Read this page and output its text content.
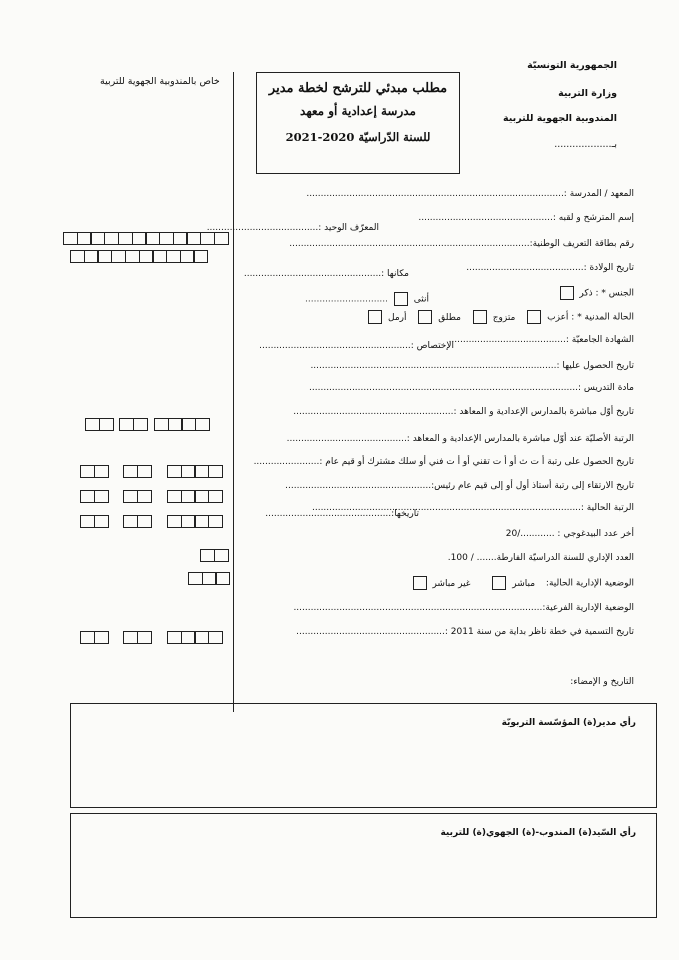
خاص بالمندوبية الجهوية للتربية
الجمهورية التونسيّة
وزارة التربية
المندوبية الجهوية للتربية
بـ...................
مطلب مبدئي للترشح لخطة مدير
مدرسة إعدادية أو معهد
للسنة الدّراسيّة 2020-2021
المعهد / المدرسة :..........................................................................................
إسم المترشح و لقبه :...............................................
المعرّف الوحيد :.......................................
رقم بطاقة التعريف الوطنية:....................................................................................
تاريخ الولادة :.........................................
مكانها :................................................
الجنس * : ذكر
أنثى  .............................
الحالة المدنية * : أعزب  متزوج  مطلق  أرمل
الشهادة الجامعيّة :.........................................
الإختصاص :.....................................................
تاريخ الحصول عليها :......................................................................................
مادة التدريس :..............................................................................................
تاريخ أوّل مباشرة بالمدارس الإعدادية و المعاهد :........................................................
الرتبة الأصليّة عند أوّل مباشرة بالمدارس الإعدادية و المعاهد :..........................................
تاريخ الحصول على رتبة أ ت ث أو أ ت تقني أو أ ت فني أو سلك مشترك أو قيم عام :.......................
تاريخ الارتقاء إلى رتبة أستاذ أول أو إلى قيم عام رئيس:...................................................
الرتبة الحالية :..............................................................................................
تاريخها:............................................
أخر عدد البيدغوجي : ............/20
العدد الإداري للسنة الدراسيّة الفارطة....... / 100.
الوضعية الإدارية الحالية: مباشر  غير مباشر
الوضعية الإدارية الفرعية:.......................................................................................
تاريخ التسمية في خطة ناظر بداية من سنة 2011 :....................................................
التاريخ و الإمضاء:
رأي مدير(ة) المؤسّسة التربويّة
رأي السّيد(ة) المندوب-(ة) الجهوي(ة) للتربية
